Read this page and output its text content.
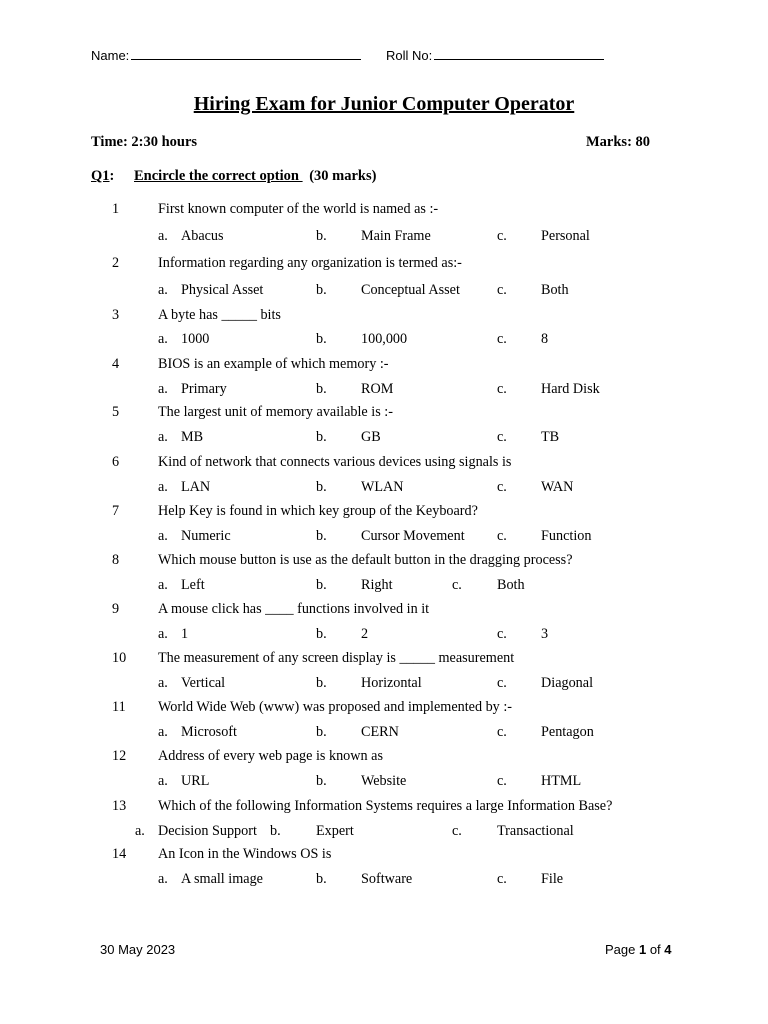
Name:	Roll No:
Hiring Exam for Junior Computer Operator
Time: 2:30 hours	Marks: 80
Q1: Encircle the correct option  (30 marks)
1	First known computer of the world is named as :-
a. Abacus	b. Main Frame	c. Personal
2	Information regarding any organization is termed as:-
a. Physical Asset	b. Conceptual Asset	c. Both
3	A byte has _____ bits
a. 1000	b. 100,000	c. 8
4	BIOS is an example of which memory :-
a. Primary	b. ROM	c. Hard Disk
5	The largest unit of memory available is :-
a. MB	b. GB	c. TB
6	Kind of network that connects various devices using signals is
a. LAN	b. WLAN	c. WAN
7	Help Key is found in which key group of the Keyboard?
a. Numeric	b. Cursor Movement c. Function
8	Which mouse button is use as the default button in the dragging process?
a. Left	b. Right	c. Both
9	A mouse click has ____ functions involved in it
a. 1	b. 2	c. 3
10 The measurement of any screen display is _____ measurement
a. Vertical	b. Horizontal	c. Diagonal
11 World Wide Web (www) was proposed and implemented by :-
a. Microsoft	b. CERN	c. Pentagon
12 Address of every web page is known as
a. URL	b. Website	c. HTML
13 Which of the following Information Systems requires a large Information Base?
a. Decision Support b. Expert	c. Transactional
14 An Icon in the Windows OS is
a. A small image	b. Software	c. File
30 May 2023	Page 1 of 4
